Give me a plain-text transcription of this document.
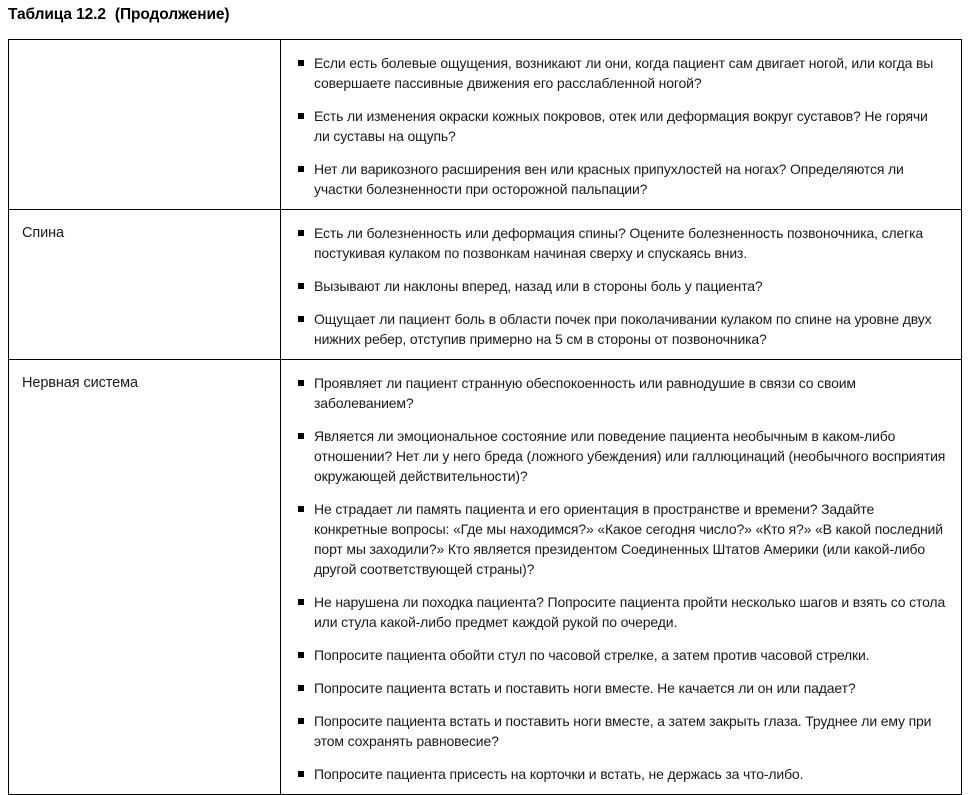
Таблица 12.2 (Продолжение)

	Если есть болевые ощущения, возникают ли они, когда пациент сам двигает ногой, или когда вы совершаете пассивные движения его расслабленной ногой?
Есть ли изменения окраски кожных покровов, отек или деформация вокруг суставов? Не горячи ли суставы на ощупь?
Нет ли варикозного расширения вен или красных припухлостей на ногах? Определяются ли участки болезненности при осторожной пальпации?

Спина	Есть ли болезненность или деформация спины? Оцените болезненность позвоночника, слегка постукивая кулаком по позвонкам начиная сверху и спускаясь вниз.
Вызывают ли наклоны вперед, назад или в стороны боль у пациента?
Ощущает ли пациент боль в области почек при поколачивании кулаком по спине на уровне двух нижних ребер, отступив примерно на 5 см в стороны от позвоночника?

Нервная система	Проявляет ли пациент странную обеспокоенность или равнодушие в связи со своим заболеванием?
Является ли эмоциональное состояние или поведение пациента необычным в каком-либо отношении? Нет ли у него бреда (ложного убеждения) или галлюцинаций (необычного восприятия окружающей действительности)?
Не страдает ли память пациента и его ориентация в пространстве и времени? Задайте конкретные вопросы: «Где мы находимся?» «Какое сегодня число?» «Кто я?» «В какой последний порт мы заходили?» Кто является президентом Соединенных Штатов Америки (или какой-либо другой соответствующей страны)?
Не нарушена ли походка пациента? Попросите пациента пройти несколько шагов и взять со стола или стула какой-либо предмет каждой рукой по очереди.
Попросите пациента обойти стул по часовой стрелке, а затем против часовой стрелки.
Попросите пациента встать и поставить ноги вместе. Не качается ли он или падает?
Попросите пациента встать и поставить ноги вместе, а затем закрыть глаза. Труднее ли ему при этом сохранять равновесие?
Попросите пациента присесть на корточки и встать, не держась за что-либо.
